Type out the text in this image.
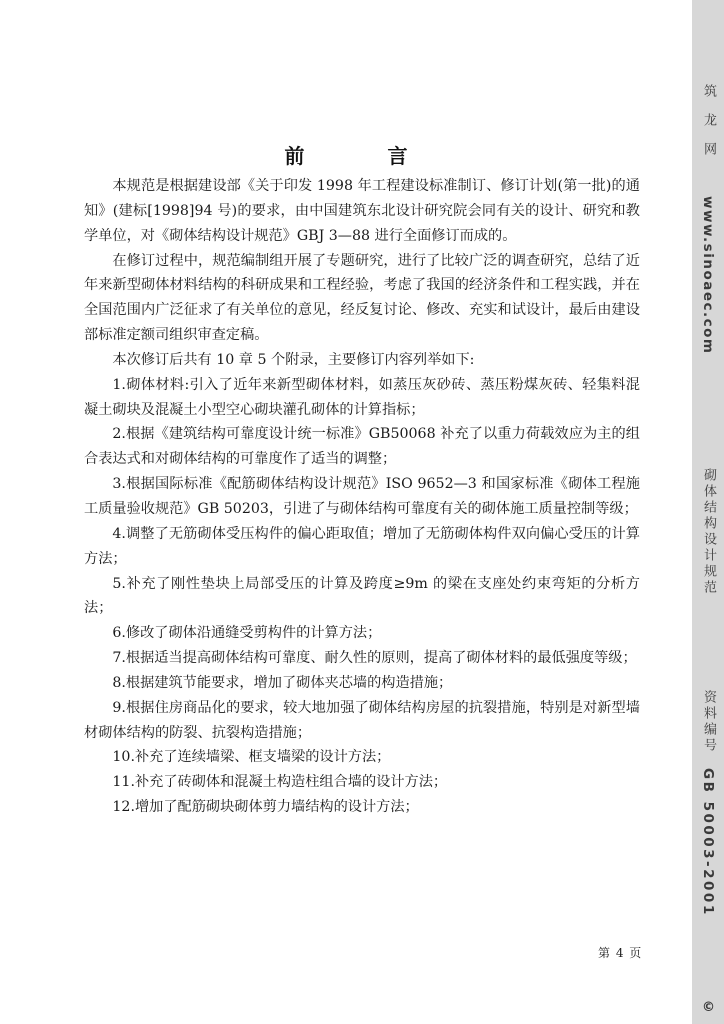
前 言

本规范是根据建设部《关于印发 1998 年工程建设标准制订、修订计划(第一批)的通知》(建标[1998]94 号)的要求，由中国建筑东北设计研究院会同有关的设计、研究和教学单位，对《砌体结构设计规范》GBJ 3—88 进行全面修订而成的。

在修订过程中，规范编制组开展了专题研究，进行了比较广泛的调查研究，总结了近年来新型砌体材料结构的科研成果和工程经验，考虑了我国的经济条件和工程实践，并在全国范围内广泛征求了有关单位的意见，经反复讨论、修改、充实和试设计，最后由建设部标准定额司组织审查定稿。

本次修订后共有 10 章 5 个附录，主要修订内容列举如下:

1.砌体材料:引入了近年来新型砌体材料，如蒸压灰砂砖、蒸压粉煤灰砖、轻集料混凝土砌块及混凝土小型空心砌块灌孔砌体的计算指标；

2.根据《建筑结构可靠度设计统一标准》GB50068 补充了以重力荷载效应为主的组合表达式和对砌体结构的可靠度作了适当的调整；

3.根据国际标准《配筋砌体结构设计规范》ISO 9652—3 和国家标准《砌体工程施工质量验收规范》GB 50203，引进了与砌体结构可靠度有关的砌体施工质量控制等级；

4.调整了无筋砌体受压构件的偏心距取值；增加了无筋砌体构件双向偏心受压的计算方法；

5.补充了刚性垫块上局部受压的计算及跨度≥9m 的梁在支座处约束弯矩的分析方法；

6.修改了砌体沿通缝受剪构件的计算方法；

7.根据适当提高砌体结构可靠度、耐久性的原则，提高了砌体材料的最低强度等级；

8.根据建筑节能要求，增加了砌体夹芯墙的构造措施；

9.根据住房商品化的要求，较大地加强了砌体结构房屋的抗裂措施，特别是对新型墙材砌体结构的防裂、抗裂构造措施；

10.补充了连续墙梁、框支墙梁的设计方法；

11.补充了砖砌体和混凝土构造柱组合墙的设计方法；

12.增加了配筋砌块砌体剪力墙结构的设计方法；

第 4 页
筑 龙 网
www.sinoaec.com
砌体结构设计规范
资料编号
GB 50003-2001
©
